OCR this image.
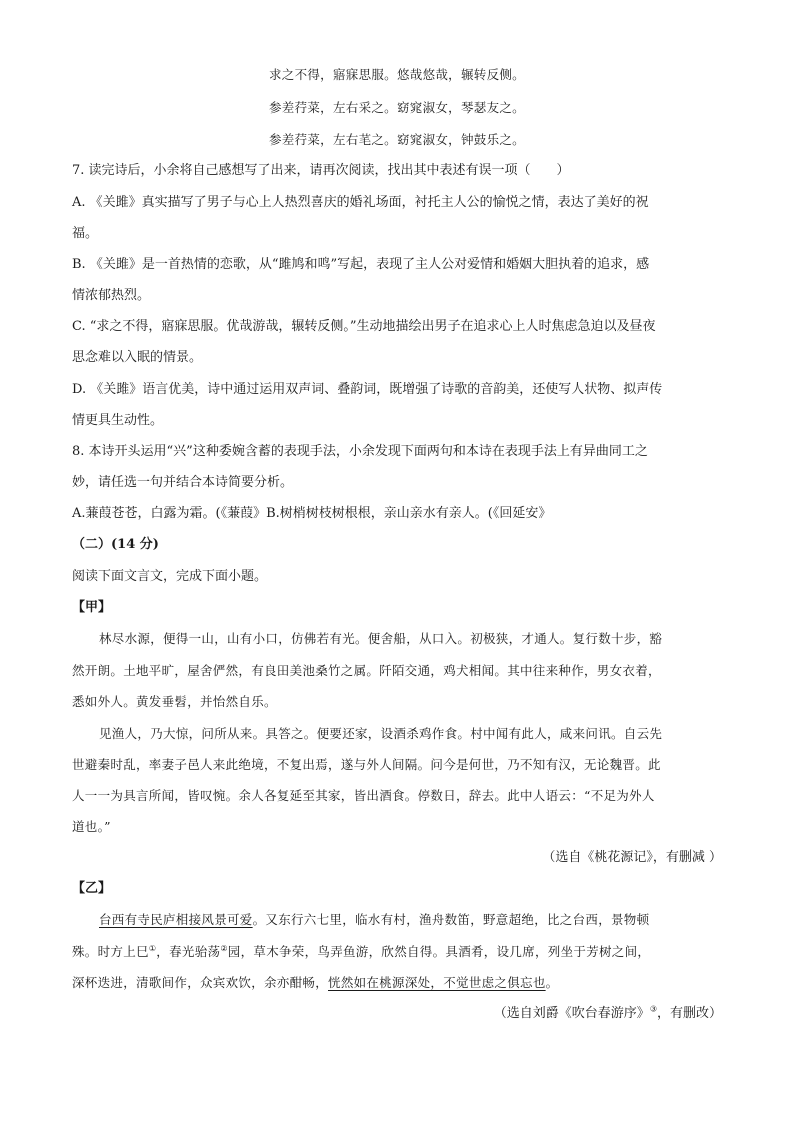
求之不得，寤寐思服。悠哉悠哉，辗转反侧。
参差荇菜，左右采之。窈窕淑女，琴瑟友之。
参差荇菜，左右芼之。窈窕淑女，钟鼓乐之。
7. 读完诗后，小余将自己感想写了出来，请再次阅读，找出其中表述有误一项（　　）
A. 《关雎》真实描写了男子与心上人热烈喜庆的婚礼场面，衬托主人公的愉悦之情，表达了美好的祝
福。
B. 《关雎》是一首热情的恋歌，从“雎鸠和鸣”写起，表现了主人公对爱情和婚姻大胆执着的追求，感
情浓郁热烈。
C. “求之不得，寤寐思服。优哉游哉，辗转反侧。”生动地描绘出男子在追求心上人时焦虑急迫以及昼夜
思念难以入眠的情景。
D. 《关雎》语言优美，诗中通过运用双声词、叠韵词，既增强了诗歌的音韵美，还使写人状物、拟声传
情更具生动性。
8. 本诗开头运用“兴”这种委婉含蓄的表现手法，小余发现下面两句和本诗在表现手法上有异曲同工之
妙，请任选一句并结合本诗简要分析。
A.蒹葭苍苍，白露为霜。(《蒹葭》B.树梢树枝树根根，亲山亲水有亲人。(《回延安》
（二）(14 分)
阅读下面文言文，完成下面小题。
【甲】
林尽水源，便得一山，山有小口，仿佛若有光。便舍船，从口入。初极狭，才通人。复行数十步，豁
然开朗。土地平旷，屋舍俨然，有良田美池桑竹之属。阡陌交通，鸡犬相闻。其中往来种作，男女衣着，
悉如外人。黄发垂髫，并怡然自乐。
见渔人，乃大惊，问所从来。具答之。便要还家，设酒杀鸡作食。村中闻有此人，咸来问讯。自云先
世避秦时乱，率妻子邑人来此绝境，不复出焉，遂与外人间隔。问今是何世，乃不知有汉，无论魏晋。此
人一一为具言所闻，皆叹惋。余人各复延至其家，皆出酒食。停数日，辞去。此中人语云：“不足为外人
道也。”
（选自《桃花源记》，有删减 ）
【乙】
台西有寺民庐相接风景可爱。又东行六七里，临水有村，渔舟数笛，野意超绝，比之台西，景物顿
殊。时方上巳①，春光骀荡②园，草木争荣，鸟弄鱼游，欣然自得。具酒肴，设几席，列坐于芳树之间，
深杯迭进，清歌间作，众宾欢饮，余亦酣畅，恍然如在桃源深处，不觉世虑之俱忘也。
（选自刘爵《吹台春游序》③，有删改）
